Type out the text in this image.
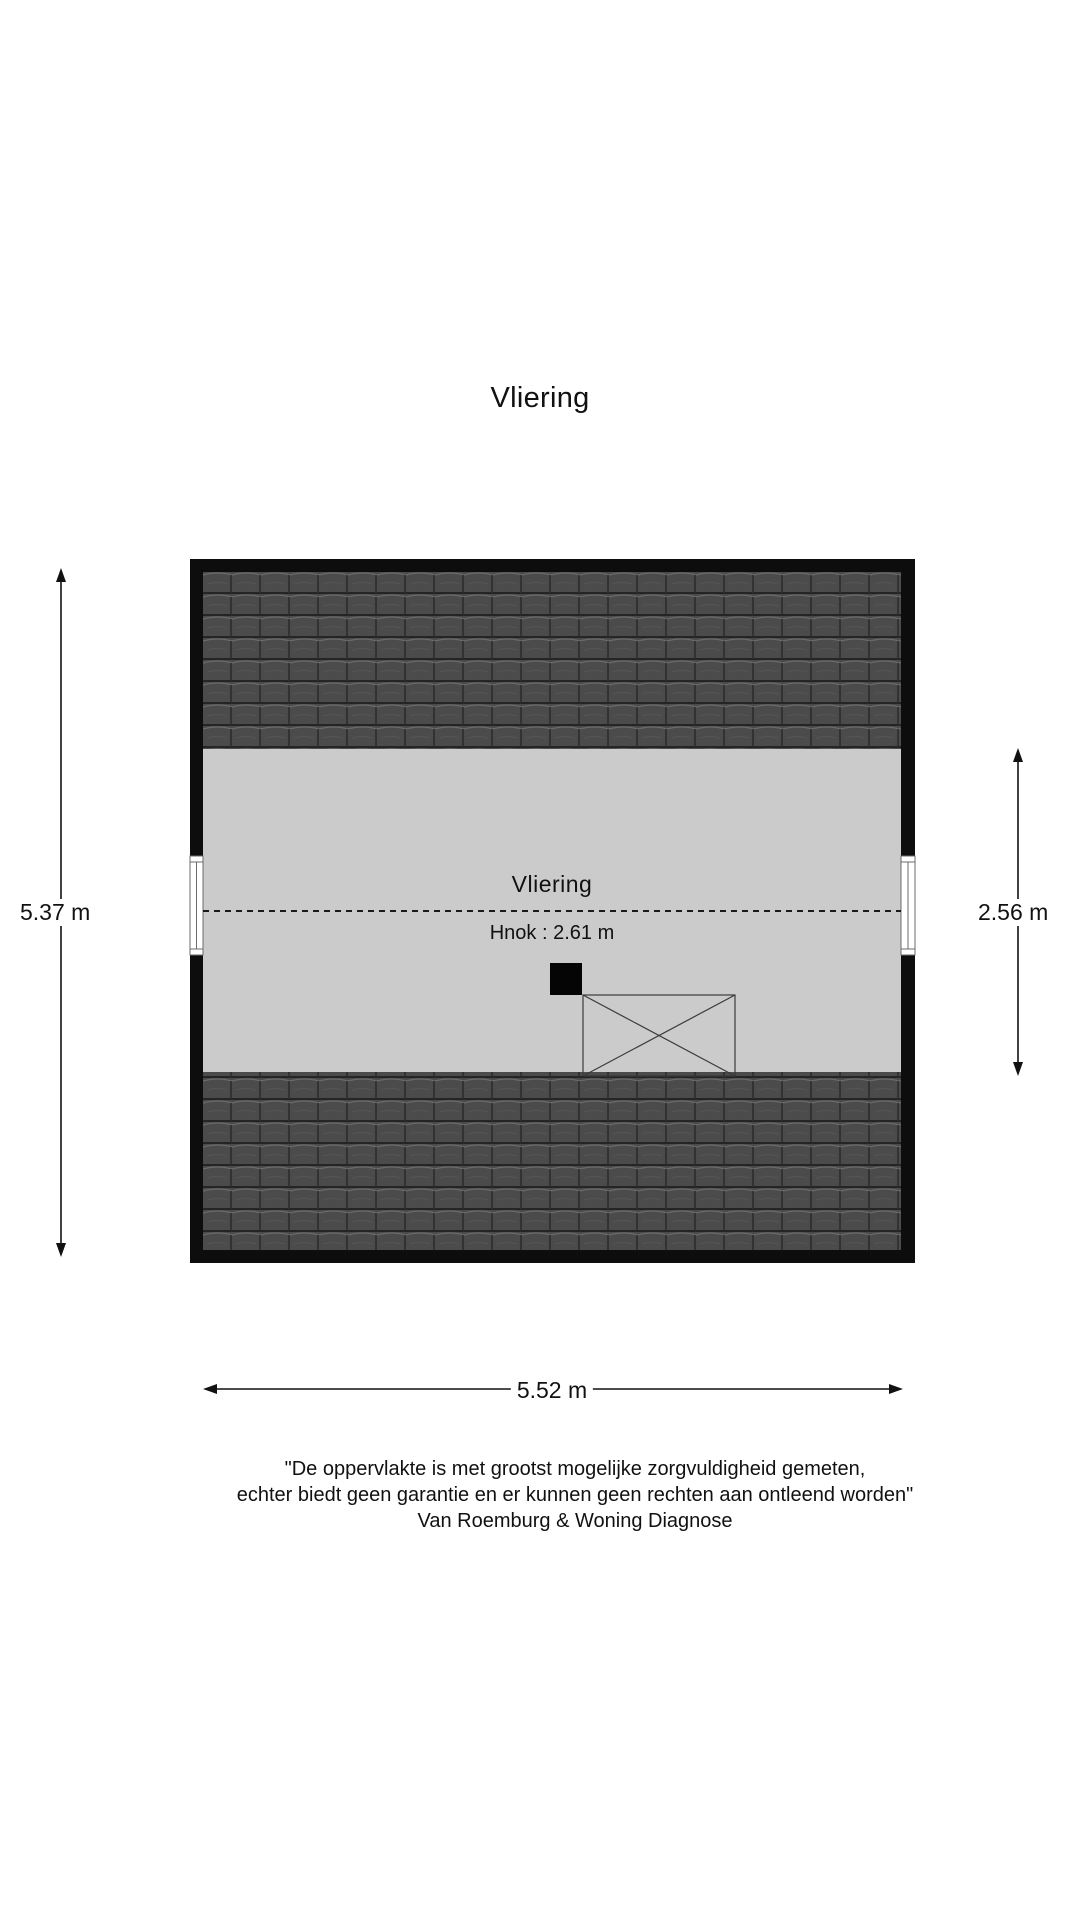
Vliering
5.37 m	2.56 m
5.52 m
Vliering
Hnok : 2.61 m
"De oppervlakte is met grootst mogelijke zorgvuldigheid gemeten,
echter biedt geen garantie en er kunnen geen rechten aan ontleend worden"
Van Roemburg & Woning Diagnose
